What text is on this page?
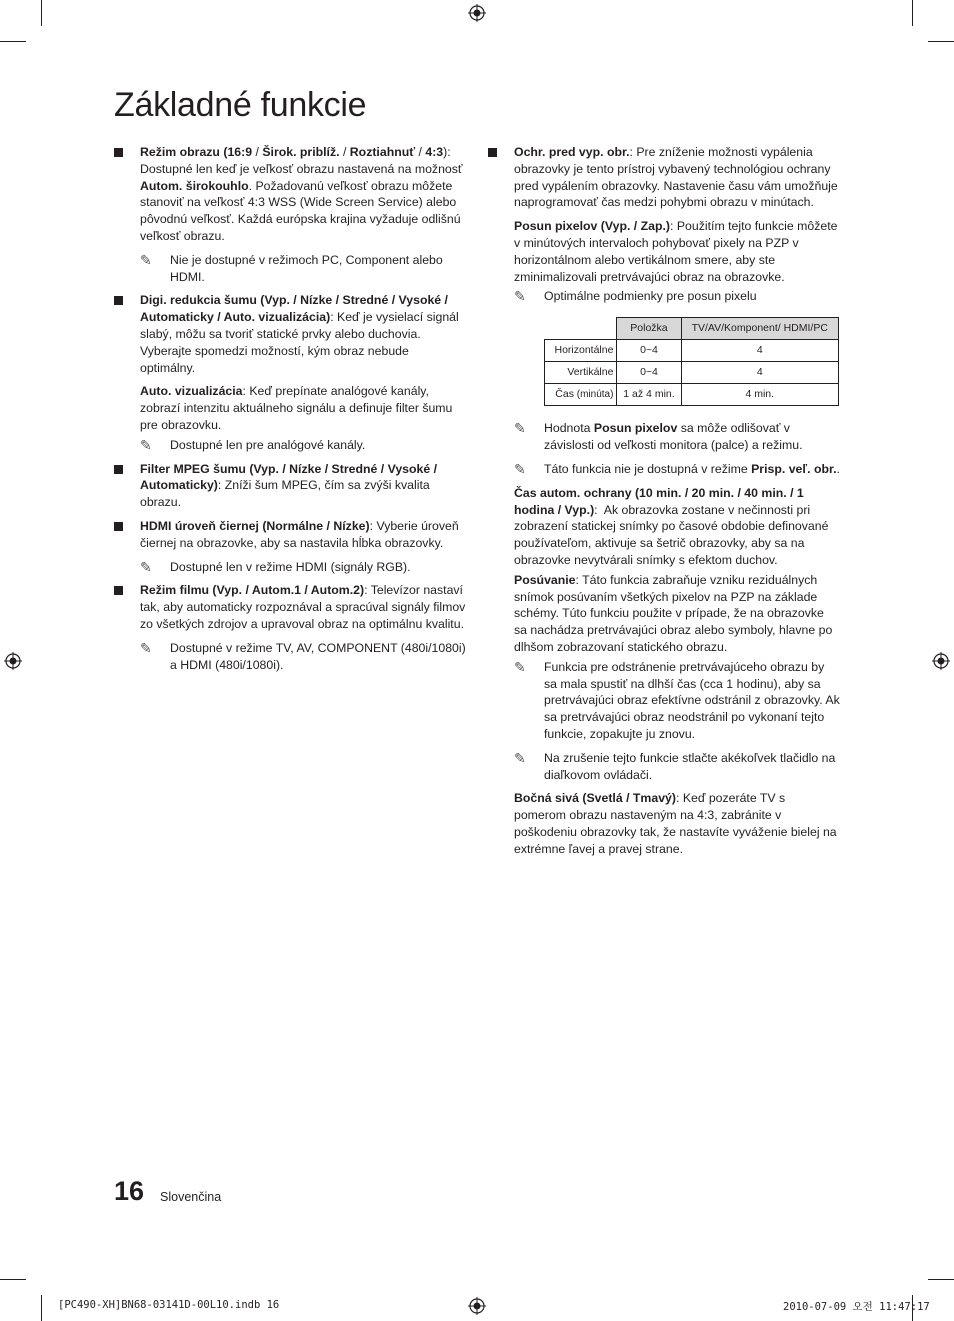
Základné funkcie
Režim obrazu (16:9 / Širok. priblíž. / Roztiahnuť / 4:3): Dostupné len keď je veľkosť obrazu nastavená na možnosť Autom. širokouhlo. Požadovanú veľkosť obrazu môžete stanoviť na veľkosť 4:3 WSS (Wide Screen Service) alebo pôvodnú veľkosť. Každá európska krajina vyžaduje odlišnú veľkosť obrazu.
✎ Nie je dostupné v režimoch PC, Component alebo HDMI.
Digi. redukcia šumu (Vyp. / Nízke / Stredné / Vysoké / Automaticky / Auto. vizualizácia): Keď je vysielací signál slabý, môžu sa tvoriť statické prvky alebo duchovia. Vyberajte spomedzi možností, kým obraz nebude optimálny.
Auto. vizualizácia: Keď prepínate analógové kanály, zobrazí intenzitu aktuálneho signálu a definuje filter šumu pre obrazovku.
✎ Dostupné len pre analógové kanály.
Filter MPEG šumu (Vyp. / Nízke / Stredné / Vysoké / Automaticky): Zníži šum MPEG, čím sa zvýši kvalita obrazu.
HDMI úroveň čiernej (Normálne / Nízke): Vyberie úroveň čiernej na obrazovke, aby sa nastavila hĺbka obrazovky.
✎ Dostupné len v režime HDMI (signály RGB).
Režim filmu (Vyp. / Autom.1 / Autom.2): Televízor nastaví tak, aby automaticky rozpoznával a spracúval signály filmov zo všetkých zdrojov a upravoval obraz na optimálnu kvalitu.
✎ Dostupné v režime TV, AV, COMPONENT (480i/1080i) a HDMI (480i/1080i).
Ochr. pred vyp. obr.: Pre zníženie možnosti vypálenia obrazovky je tento prístroj vybavený technológiou ochrany pred vypálením obrazovky. Nastavenie času vám umožňuje naprogramovať čas medzi pohybmi obrazu v minútach.
Posun pixelov (Vyp. / Zap.): Použitím tejto funkcie môžete v minútových intervaloch pohybovať pixely na PZP v horizontálnom alebo vertikálnom smere, aby ste zminimalizovali pretrvávajúci obraz na obrazovke.
✎ Optimálne podmienky pre posun pixelu
	Položka	TV/AV/Komponent/ HDMI/PC
Horizontálne	0~4	4
Vertikálne	0~4	4
Čas (minúta)	1 až 4 min.	4 min.
✎ Hodnota Posun pixelov sa môže odlišovať v závislosti od veľkosti monitora (palce) a režimu.
✎ Táto funkcia nie je dostupná v režime Prisp. veľ. obr..
Čas autom. ochrany (10 min. / 20 min. / 40 min. / 1 hodina / Vyp.):  Ak obrazovka zostane v nečinnosti pri zobrazení statickej snímky po časové obdobie definované používateľom, aktivuje sa šetrič obrazovky, aby sa na obrazovke nevytvárali snímky s efektom duchov.
Posúvanie: Táto funkcia zabraňuje vzniku reziduálnych snímok posúvaním všetkých pixelov na PZP na základe schémy. Túto funkciu použite v prípade, že na obrazovke sa nachádza pretrvávajúci obraz alebo symboly, hlavne po dlhšom zobrazovaní statického obrazu.
✎ Funkcia pre odstránenie pretrvávajúceho obrazu by sa mala spustiť na dlhší čas (cca 1 hodinu), aby sa pretrvávajúci obraz efektívne odstránil z obrazovky. Ak sa pretrvávajúci obraz neodstránil po vykonaní tejto funkcie, zopakujte ju znovu.
✎ Na zrušenie tejto funkcie stlačte akékoľvek tlačidlo na diaľkovom ovládači.
Bočná sivá (Svetlá / Tmavý): Keď pozeráte TV s pomerom obrazu nastaveným na 4:3, zabránite v poškodeniu obrazovky tak, že nastavíte vyváženie bielej na extrémne ľavej a pravej strane.
16 Slovenčina
[PC490-XH]BN68-03141D-00L10.indb 16	2010-07-09 오전 11:47:17
